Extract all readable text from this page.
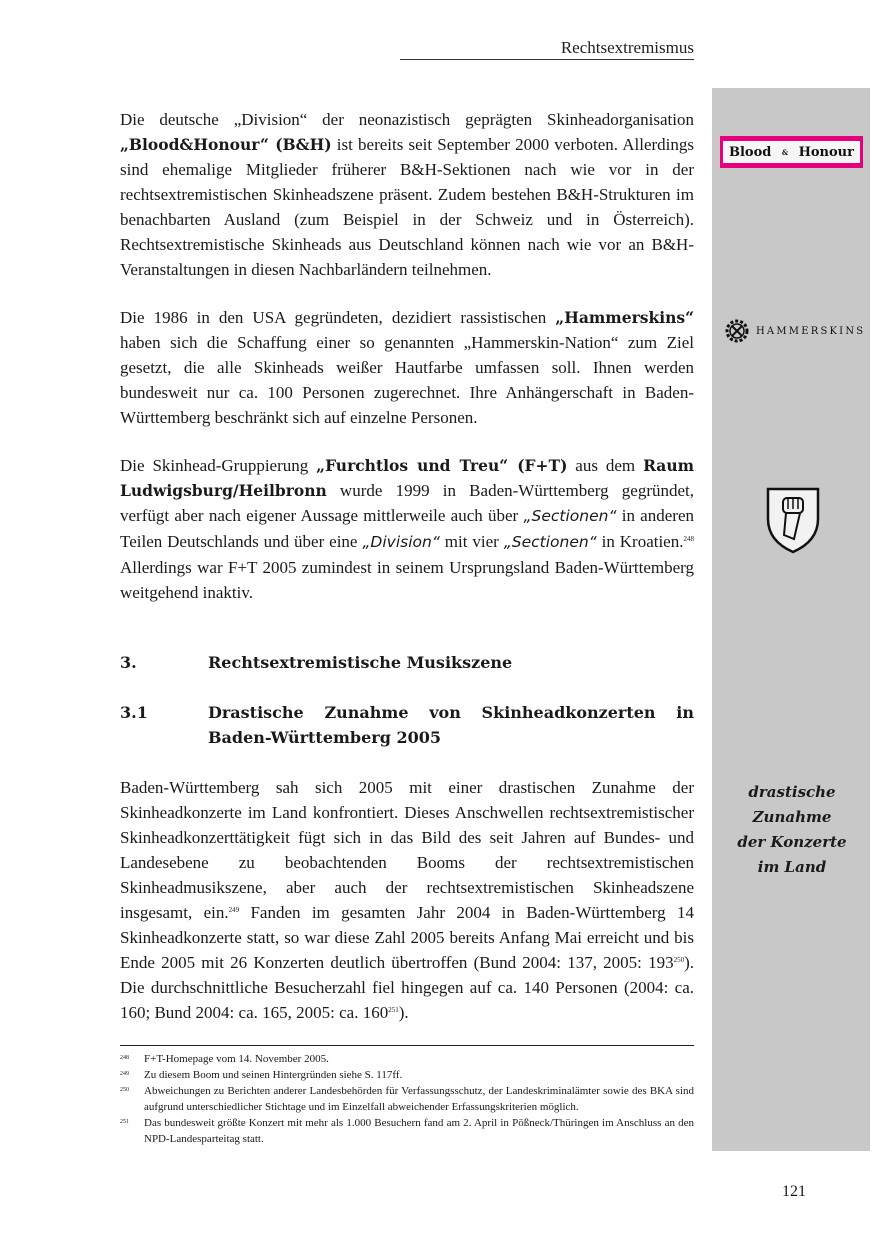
Rechtsextremismus
Blood & Honour
HAMMERSKINS

Die deutsche „Division“ der neonazistisch geprägten Skinheadorganisation „Blood&Honour“ (B&H) ist bereits seit September 2000 verboten. Allerdings sind ehemalige Mitglieder früherer B&H-Sektionen nach wie vor in der rechtsextremistischen Skinheadszene präsent. Zudem bestehen B&H-Strukturen im benachbarten Ausland (zum Beispiel in der Schweiz und in Österreich). Rechtsextremistische Skinheads aus Deutschland können nach wie vor an B&H-Veranstaltungen in diesen Nachbarländern teilnehmen.

Die 1986 in den USA gegründeten, dezidiert rassistischen „Hammerskins“ haben sich die Schaffung einer so genannten „Hammerskin-Nation“ zum Ziel gesetzt, die alle Skinheads weißer Hautfarbe umfassen soll. Ihnen werden bundesweit nur ca. 100 Personen zugerechnet. Ihre Anhängerschaft in Baden-Württemberg beschränkt sich auf einzelne Personen.

Die Skinhead-Gruppierung „Furchtlos und Treu“ (F+T) aus dem Raum Ludwigsburg/Heilbronn wurde 1999 in Baden-Württemberg gegründet, verfügt aber nach eigener Aussage mittlerweile auch über „Sectionen“ in anderen Teilen Deutschlands und über eine „Division“ mit vier „Sectionen“ in Kroatien.$^{248}$ Allerdings war F+T 2005 zumindest in seinem Ursprungsland Baden-Württemberg weitgehend inaktiv.

3.	Rechtsextremistische Musikszene
3.1	Drastische Zunahme von Skinheadkonzerten in Baden-Württemberg 2005

Baden-Württemberg sah sich 2005 mit einer drastischen Zunahme der Skinheadkonzerte im Land konfrontiert. Dieses Anschwellen rechtsextremistischer Skinheadkonzerttätigkeit fügt sich in das Bild des seit Jahren auf Bundes- und Landesebene zu beobachtenden Booms der rechtsextremistischen Skinheadmusikszene, aber auch der rechtsextremistischen Skinheadszene insgesamt, ein.$^{249}$ Fanden im gesamten Jahr 2004 in Baden-Württemberg 14 Skinheadkonzerte statt, so war diese Zahl 2005 bereits Anfang Mai erreicht und bis Ende 2005 mit 26 Konzerten deutlich übertroffen (Bund 2004: 137, 2005: $193^{250}$). Die durchschnittliche Besucherzahl fiel hingegen auf ca. 140 Personen (2004: ca. 160; Bund 2004: ca. 165, 2005: ca. $160^{251}$).

drastische
Zunahme
der Konzerte
im Land
248	F+T-Homepage vom 14. November 2005.
249	Zu diesem Boom und seinen Hintergründen siehe S. 117ff.
250	Abweichungen zu Berichten anderer Landesbehörden für Verfassungsschutz, der Landeskriminalämter sowie des BKA sind aufgrund unterschiedlicher Stichtage und im Einzelfall abweichender Erfassungskriterien möglich.
251	Das bundesweit größte Konzert mit mehr als 1.000 Besuchern fand am 2. April in Pößneck/Thüringen im Anschluss an den NPD-Landesparteitag statt.
121
